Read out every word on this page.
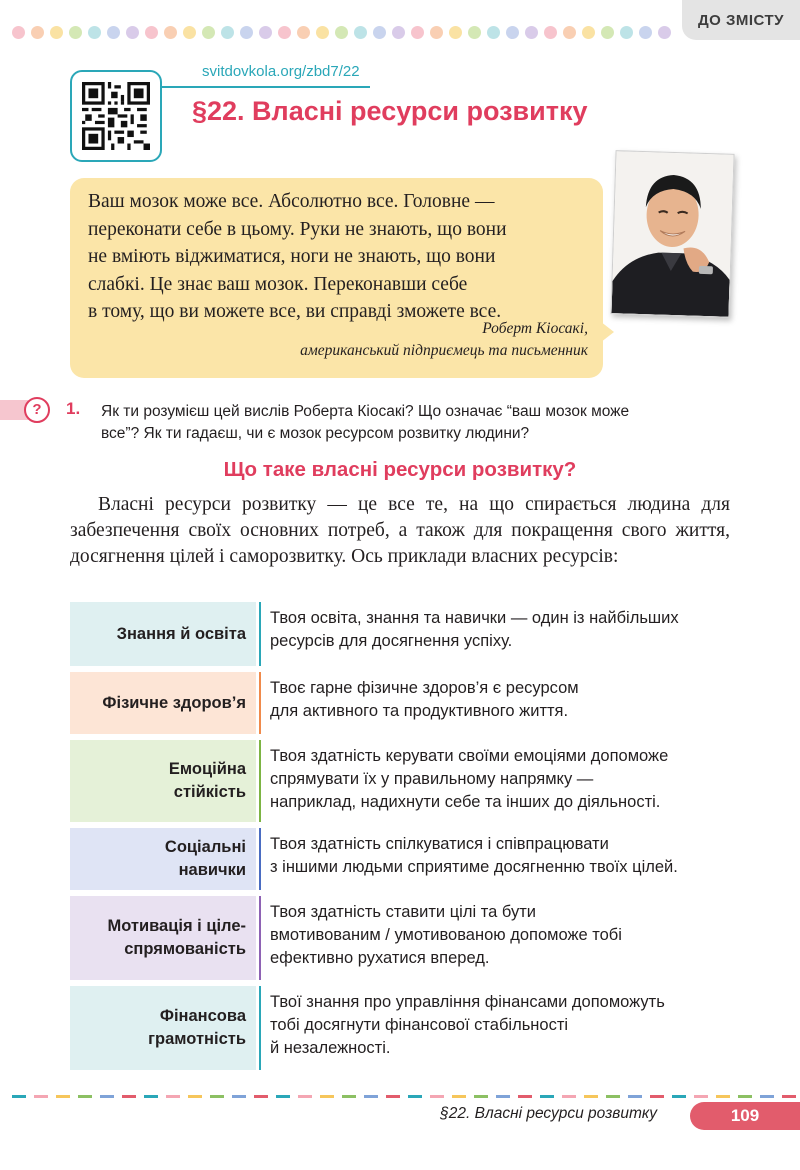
ДО ЗМІСТУ
svitdovkola.org/zbd7/22
§22. Власні ресурси розвитку
Ваш мозок може все. Абсолютно все. Головне —
переконати себе в цьому. Руки не знають, що вони
не вміють віджиматися, ноги не знають, що вони
слабкі. Це знає ваш мозок. Переконавши себе
в тому, що ви можете все, ви справді зможете все.
Роберт Кіосакі,
американський підприємець та письменник
?	1. Як ти розумієш цей вислів Роберта Кіосакі? Що означає “ваш мозок може
все”? Як ти гадаєш, чи є мозок ресурсом розвитку людини?
Що таке власні ресурси розвитку?
Власні ресурси розвитку — це все те, на що спирається людина для забезпечення своїх основних потреб, а також для покращення свого життя, досягнення цілей і саморозвитку. Ось приклади власних ресурсів:
Знання й освіта
Твоя освіта, знання та навички — один із найбільших
ресурсів для досягнення успіху.
Фізичне здоров’я
Твоє гарне фізичне здоров’я є ресурсом
для активного та продуктивного життя.
Емоційна
стійкість
Твоя здатність керувати своїми емоціями допоможе
спрямувати їх у правильному напрямку —
наприклад, надихнути себе та інших до діяльності.
Соціальні
навички
Твоя здатність спілкуватися і співпрацювати
з іншими людьми сприятиме досягненню твоїх цілей.
Мотивація і ціле-
спрямованість
Твоя здатність ставити цілі та бути
вмотивованим / умотивованою допоможе тобі
ефективно рухатися вперед.
Фінансова
грамотність
Твої знання про управління фінансами допоможуть
тобі досягнути фінансової стабільності
й незалежності.
§22. Власні ресурси розвитку	109
